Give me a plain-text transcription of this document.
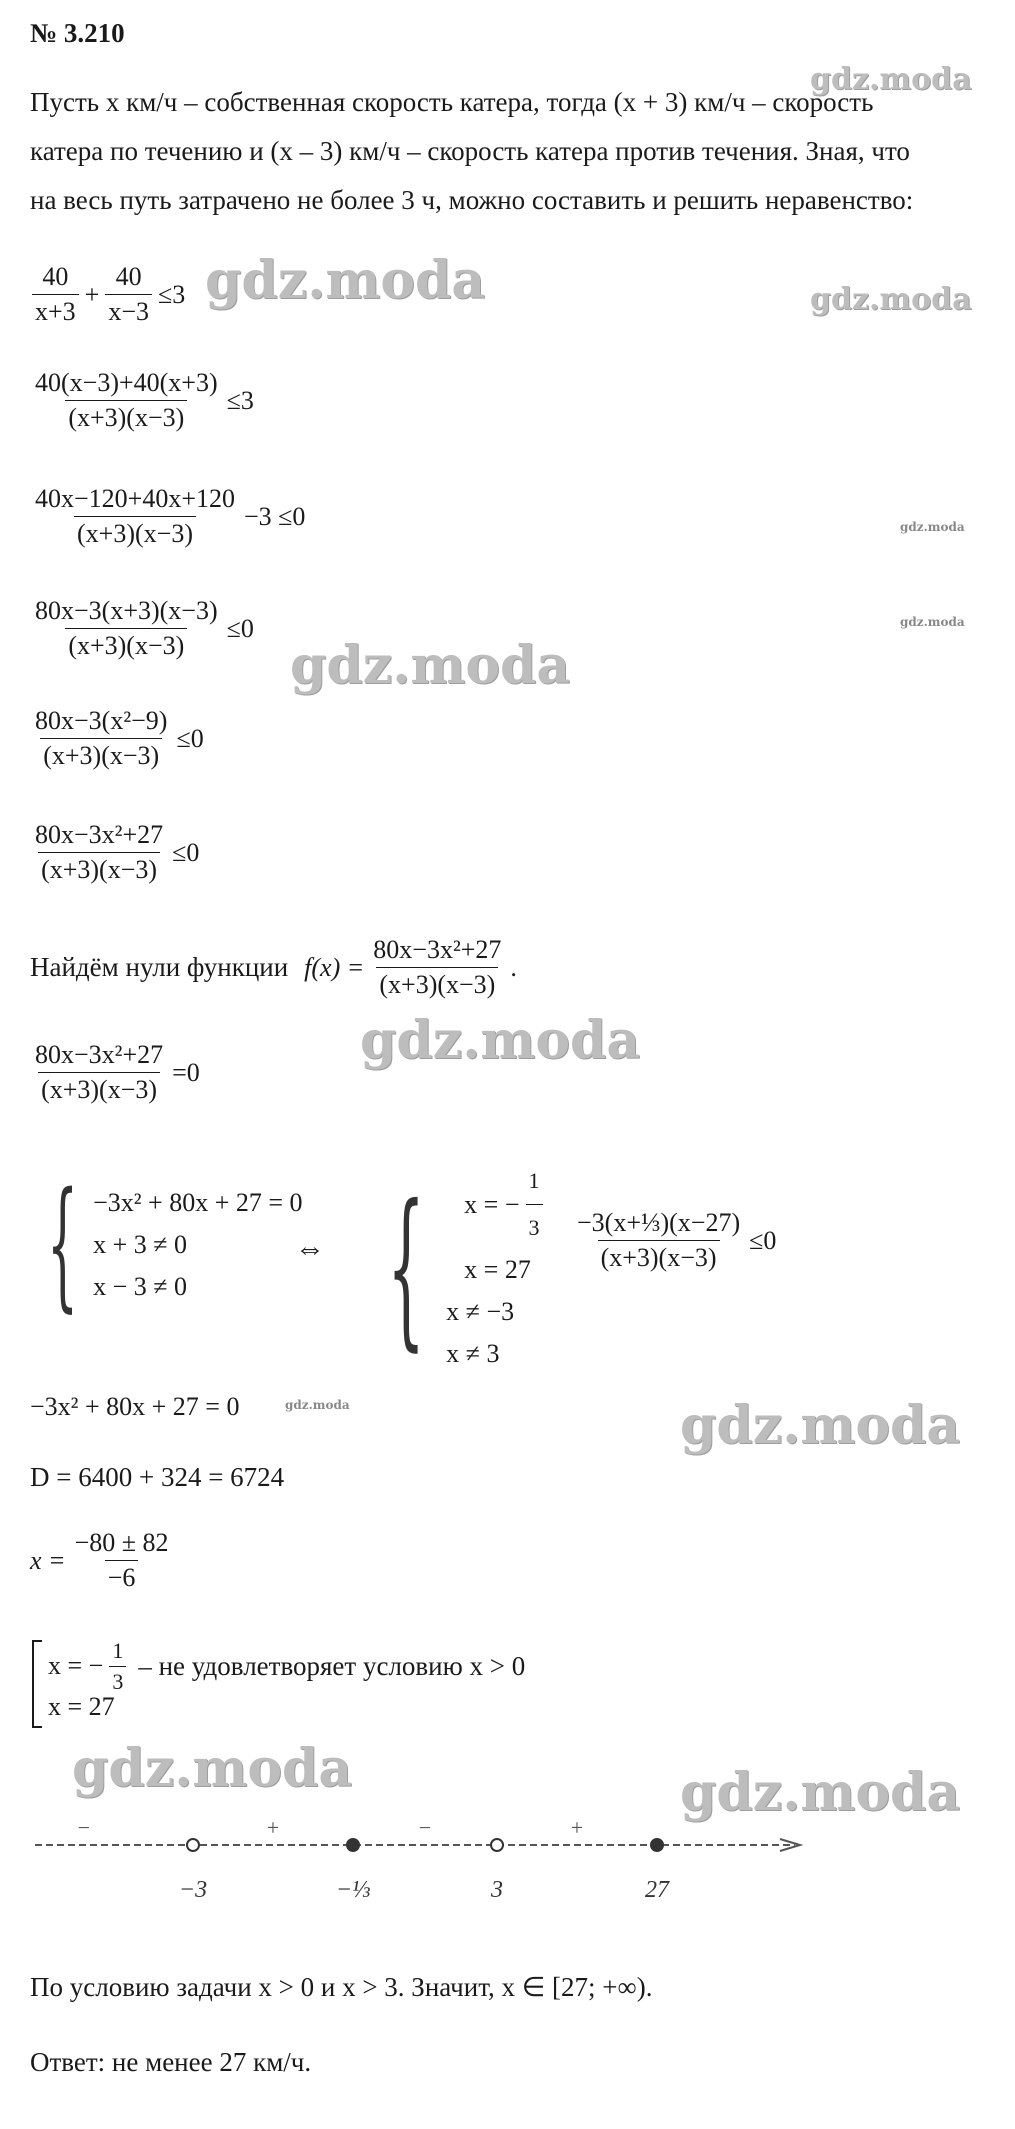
№ 3.210
Пусть x км/ч – собственная скорость катера, тогда (x + 3) км/ч – скорость
катера по течению и (x – 3) км/ч – скорость катера против течения. Зная, что
на весь путь затрачено не более 3 ч, можно составить и решить неравенство:
$\frac{40}{x+3} + \frac{40}{x-3} \le 3$
$\frac{40(x-3)+40(x+3)}{(x+3)(x-3)} \le 3$
$\frac{40x-120+40x+120}{(x+3)(x-3)} -3 \le 0$
$\frac{80x-3(x+3)(x-3)}{(x+3)(x-3)} \le 0$
$\frac{\text{80x−3(x²−9)}}{(x+3)(x-3)} \le 0$
$\frac{\text{80x−3x²+27}}{(x+3)(x-3)} \le 0$
Найдём нули функции $f(x) = \frac{\text{80x−3x²+27}}{(x+3)(x-3)}$ .
$\frac{\text{80x−3x²+27}}{(x+3)(x-3)} =0$
{ −3x² + 80x + 27 = 0
x + 3 ≠ 0
x − 3 ≠ 0
⇔ { x = − $\frac{1}{3}$
x = 27
x ≠ −3
x ≠ 3
$\frac{\text{−3(x+⅓)(x−27)}}{(x+3)(x-3)} \le 0$
−3x² + 80x + 27 = 0
D = 6400 + 324 = 6724
$x = \frac{-80 \pm 82}{-6}$
x = − $\frac{1}{3}$ – не удовлетворяет условию x > 0
x = 27
−3	−⅓	3	27
−	+	−	+
По условию задачи x > 0 и x > 3. Значит, x ∈ [27; +∞).
Ответ: не менее 27 км/ч.
gdz.moda
gdz.moda	gdz.moda
gdz.moda
gdz.moda
gdz.moda
gdz.moda
gdz.moda	gdz.moda
gdz.moda	gdz.moda
